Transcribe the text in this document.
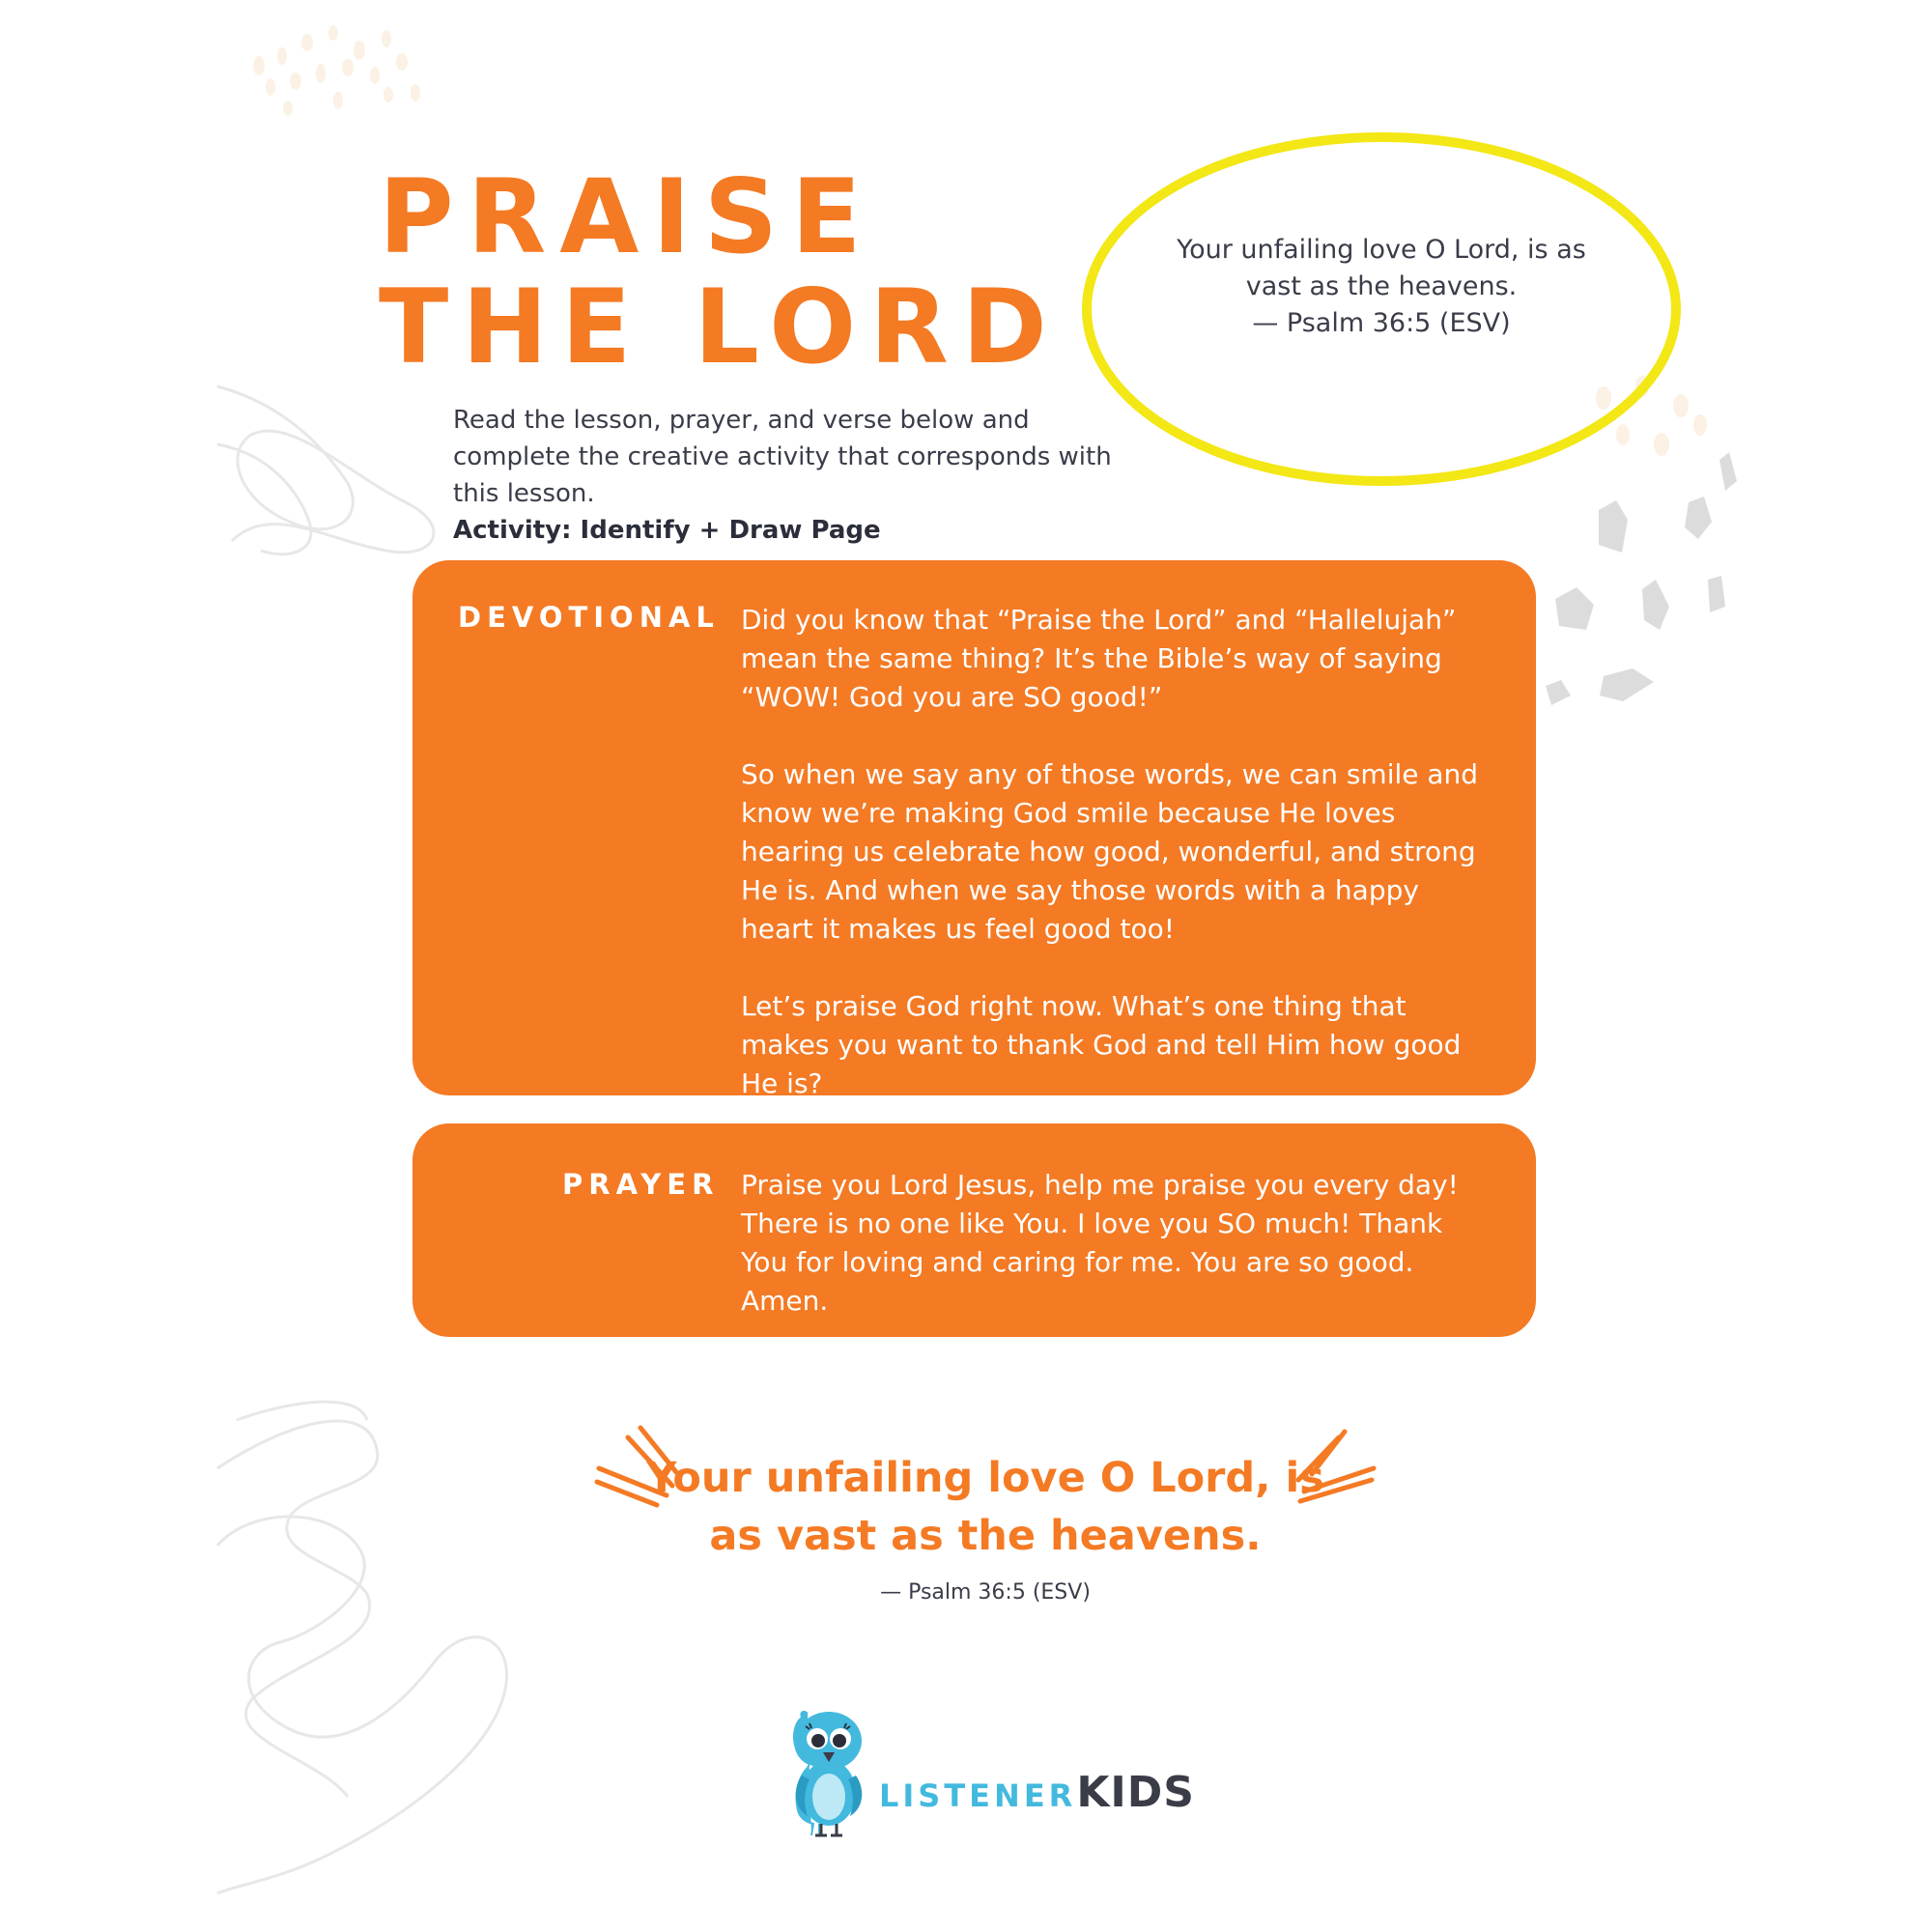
PRAISE
THE LORD
Your unfailing love O Lord, is as
vast as the heavens.
— Psalm 36:5 (ESV)
Read the lesson, prayer, and verse below and complete the creative activity that corresponds with this lesson.
Activity: Identify + Draw Page
DEVOTIONAL Did you know that “Praise the Lord” and “Hallelujah” mean the same thing? It’s the Bible’s way of saying “WOW! God you are SO good!”

So when we say any of those words, we can smile and know we’re making God smile because He loves hearing us celebrate how good, wonderful, and strong He is. And when we say those words with a happy heart it makes us feel good too!

Let’s praise God right now. What’s one thing that makes you want to thank God and tell Him how good He is?

PRAYER Praise you Lord Jesus, help me praise you every day! There is no one like You. I love you SO much! Thank You for loving and caring for me. You are so good. Amen.
Your unfailing love O Lord, is
as vast as the heavens.
— Psalm 36:5 (ESV)
LISTENERKIDS
